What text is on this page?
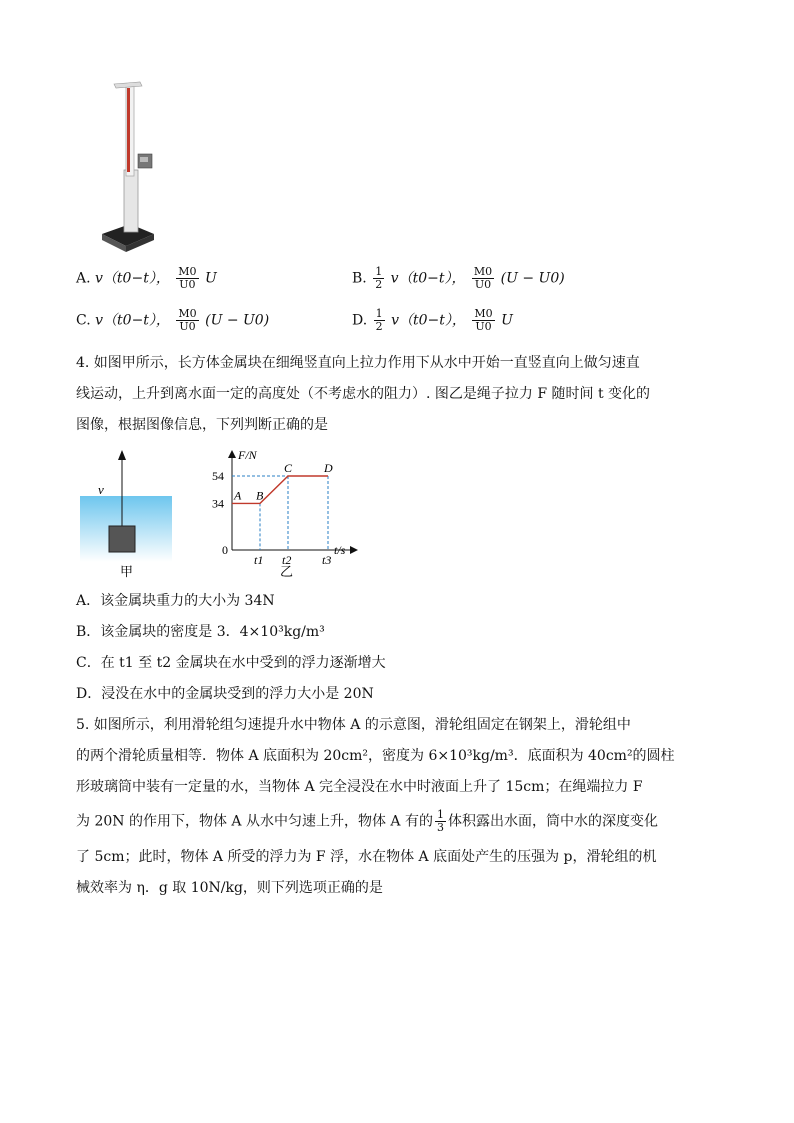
A. v（t0−t）， $\frac{M0}{U0}$ U	B. $\frac{1}{2} v(t0-t)$， $\frac{M0}{U0} (U - U0)$
C. v（t0−t）， $\frac{M0}{U0} (U - U0)$	D. $\frac{1}{2} v(t0-t)$， $\frac{M0}{U0}$ U
4. 如图甲所示，长方体金属块在细绳竖直向上拉力作用下从水中开始一直竖直向上做匀速直
线运动，上升到离水面一定的高度处（不考虑水的阻力）. 图乙是绳子拉力 F 随时间 t 变化的
图像，根据图像信息，下列判断正确的是
v
甲
F/N
t/s
0
A B
C	D
34
54
t1 t2	t3
乙
A．该金属块重力的大小为 34N
B．该金属块的密度是 3．4×10³kg/m³
C．在 t1 至 t2 金属块在水中受到的浮力逐渐增大
D．浸没在水中的金属块受到的浮力大小是 20N
5. 如图所示，利用滑轮组匀速提升水中物体 A 的示意图，滑轮组固定在钢架上，滑轮组中
的两个滑轮质量相等．物体 A 底面积为 20cm²，密度为 6×10³kg/m³．底面积为 40cm²的圆柱
形玻璃筒中装有一定量的水，当物体 A 完全浸没在水中时液面上升了 15cm；在绳端拉力 F
为 20N 的作用下，物体 A 从水中匀速上升，物体 A 有的 $\frac{1}{3}$ 体积露出水面，筒中水的深度变化
了 5cm；此时，物体 A 所受的浮力为 F 浮，水在物体 A 底面处产生的压强为 p，滑轮组的机
械效率为 η．g 取 10N/kg，则下列选项正确的是
